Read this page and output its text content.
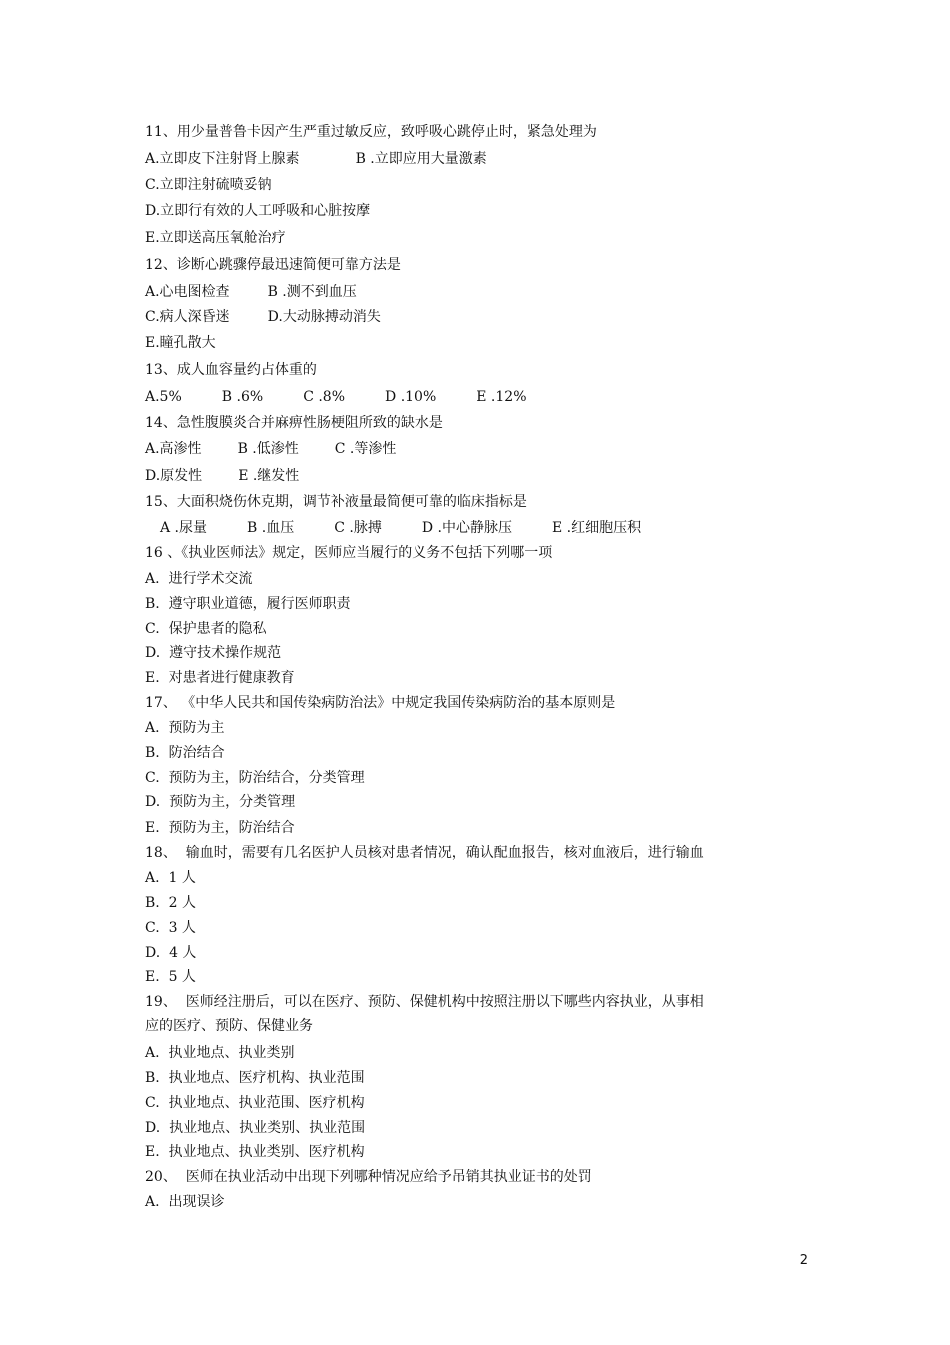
11、用少量普鲁卡因产生严重过敏反应，致呼吸心跳停止时，紧急处理为
A.立即皮下注射肾上腺素	B .立即应用大量激素
C.立即注射硫喷妥钠
D.立即行有效的人工呼吸和心脏按摩
E.立即送高压氧舱治疗
12、诊断心跳骤停最迅速简便可靠方法是
A.心电图检查	B .测不到血压
C.病人深昏迷	D.大动脉搏动消失
E.瞳孔散大
13、成人血容量约占体重的
A.5%	B .6%	C .8%	D .10%	E .12%
14、急性腹膜炎合并麻痹性肠梗阻所致的缺水是
A.高渗性	B .低渗性	C .等渗性
D.原发性	E .继发性
15、大面积烧伤休克期，调节补液量最简便可靠的临床指标是
A .尿量	B .血压	C .脉搏	D .中心静脉压	E .红细胞压积
16 、《执业医师法》规定，医师应当履行的义务不包括下列哪一项
A.  进行学术交流
B.  遵守职业道德，履行医师职责
C.  保护患者的隐私
D.  遵守技术操作规范
E.  对患者进行健康教育
17、 《中华人民共和国传染病防治法》中规定我国传染病防治的基本原则是
A.  预防为主
B.  防治结合
C.  预防为主，防治结合，分类管理
D.  预防为主，分类管理
E.  预防为主，防治结合
18、  输血时，需要有几名医护人员核对患者情况，确认配血报告，核对血液后，进行输血
A.  1 人
B.  2 人
C.  3 人
D.  4 人
E.  5 人
19、  医师经注册后，可以在医疗、预防、保健机构中按照注册以下哪些内容执业，从事相
应的医疗、预防、保健业务
A.  执业地点、执业类别
B.  执业地点、医疗机构、执业范围
C.  执业地点、执业范围、医疗机构
D.  执业地点、执业类别、执业范围
E.  执业地点、执业类别、医疗机构
20、  医师在执业活动中出现下列哪种情况应给予吊销其执业证书的处罚
A.  出现误诊
2
